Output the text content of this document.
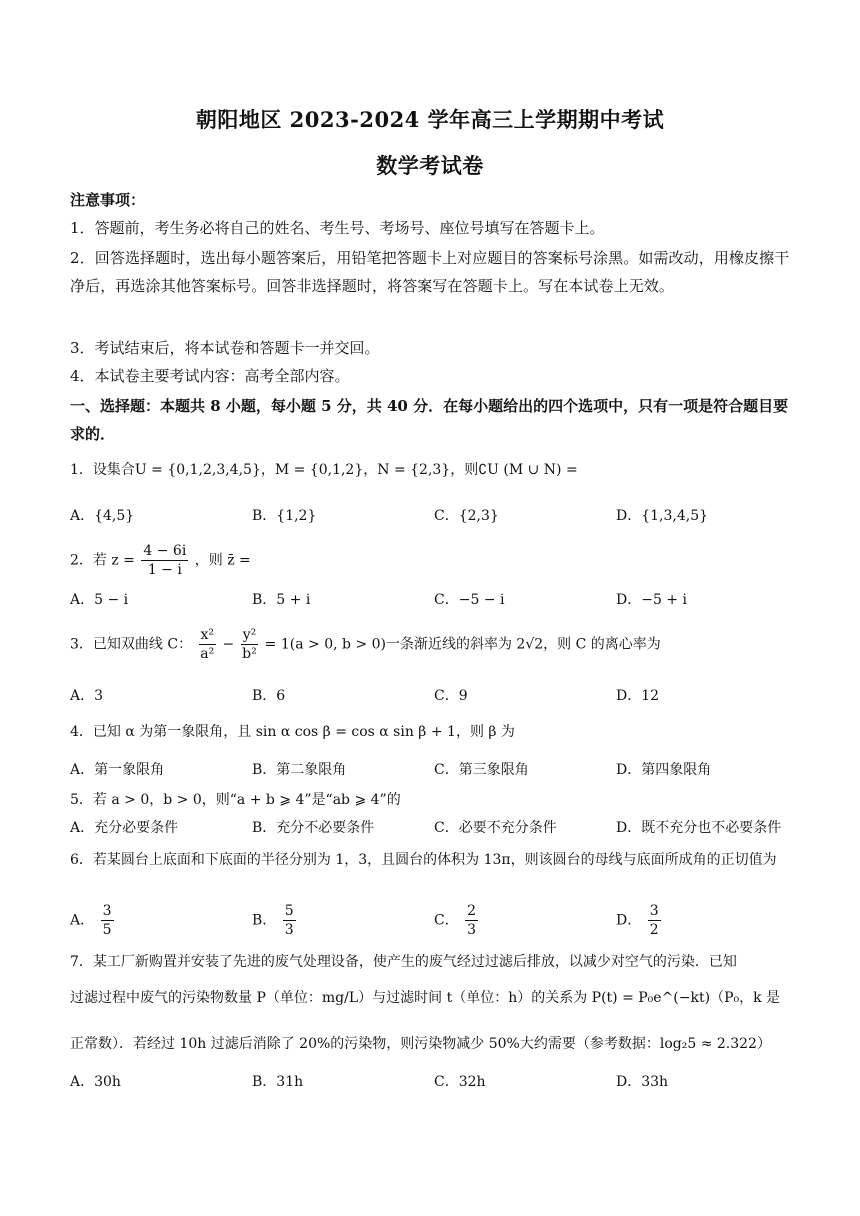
朝阳地区 2023-2024 学年高三上学期期中考试
数学考试卷
注意事项：
1．答题前，考生务必将自己的姓名、考生号、考场号、座位号填写在答题卡上。
2．回答选择题时，选出每小题答案后，用铅笔把答题卡上对应题目的答案标号涂黑。如需改动，用橡皮擦干净后，再选涂其他答案标号。回答非选择题时，将答案写在答题卡上。写在本试卷上无效。
3．考试结束后，将本试卷和答题卡一并交回。
4．本试卷主要考试内容：高考全部内容。
一、选择题：本题共 8 小题，每小题 5 分，共 40 分．在每小题给出的四个选项中，只有一项是符合题目要求的．
1．设集合U = {0,1,2,3,4,5}，M = {0,1,2}，N = {2,3}，则∁U (M ∪ N) =
A．{4,5}	B．{1,2}	C．{2,3}	D．{1,3,4,5}
2．若 $z = \frac{4 - 6i}{1 - i}$ ，则 z̄ =
A．5 − i	B．5 + i	C．−5 − i	D．−5 + i
3．已知双曲线 C： $\frac{\text{x²}}{\text{a²}} - \frac{\text{y²}}{\text{b²}} = 1(a > 0$, b > 0)一条渐近线的斜率为 2√2，则 C 的离心率为
A．3	B．6	C．9	D．12
4．已知 α 为第一象限角，且 sin α cos β = cos α sin β + 1，则 β 为
A．第一象限角	B．第二象限角	C．第三象限角	D．第四象限角
5．若 a > 0，b > 0，则“a + b ⩾ 4”是“ab ⩾ 4”的
A．充分必要条件	B．充分不必要条件	C．必要不充分条件	D．既不充分也不必要条件
6．若某圆台上底面和下底面的半径分别为 1，3，且圆台的体积为 13π，则该圆台的母线与底面所成角的正切值为
A． $\frac{3}{5}$	B． $\frac{5}{3}$	C． $\frac{2}{3}$	D． $\frac{3}{2}$
7．某工厂新购置并安装了先进的废气处理设备，使产生的废气经过过滤后排放，以减少对空气的污染．已知
过滤过程中废气的污染物数量 P（单位：mg/L）与过滤时间 t（单位：h）的关系为 P(t) = P₀e^(−kt)（P₀，k 是
正常数）．若经过 10h 过滤后消除了 20%的污染物，则污染物减少 50%大约需要（参考数据：log₂5 ≈ 2.322）
A．30h	B．31h	C．32h	D．33h
